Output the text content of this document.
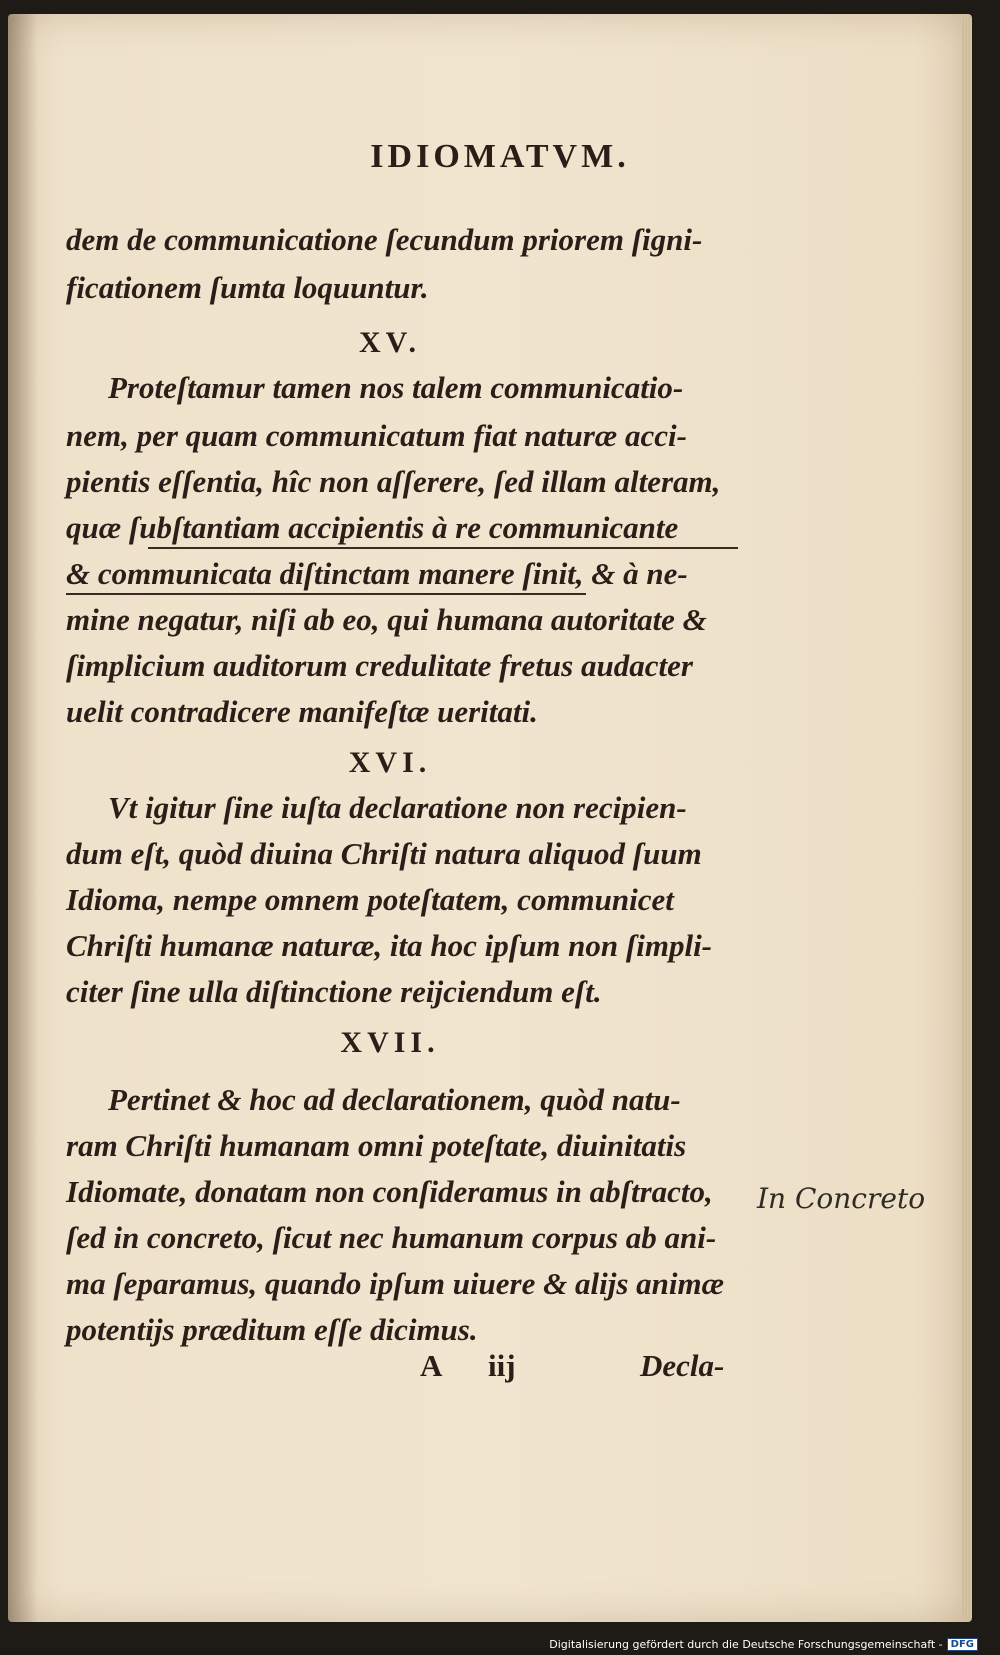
IDIOMATVM.
dem de communicatione ſecundum priorem ſigni‑
ficationem ſumta loquuntur.
XV.
Proteſtamur tamen nos talem communicatio‑
nem, per quam communicatum fiat naturæ acci‑
pientis eſſentia, hîc non aſſerere, ſed illam alteram,
quæ ſubſtantiam accipientis à re communicante
& communicata diſtinctam manere ſinit, & à ne‑
mine negatur, niſi ab eo, qui humana autoritate &
ſimplicium auditorum credulitate fretus audacter
uelit contradicere manifeſtæ ueritati.
XVI.
Vt igitur ſine iuſta declaratione non recipien‑
dum eſt, quòd diuina Chriſti natura aliquod ſuum
Idioma, nempe omnem poteſtatem, communicet
Chriſti humanæ naturæ, ita hoc ipſum non ſimpli‑
citer ſine ulla diſtinctione reijciendum eſt.
XVII.
Pertinet & hoc ad declarationem, quòd natu‑
ram Chriſti humanam omni poteſtate, diuinitatis
Idiomate, donatam non conſideramus in abſtracto,
ſed in concreto, ſicut nec humanum corpus ab ani‑
ma ſeparamus, quando ipſum uiuere & alijs animæ
potentijs præditum eſſe dicimus.
In Concreto
A iij	Decla‑
Digitalisierung gefördert durch die Deutsche Forschungsgemeinschaft - DFG
